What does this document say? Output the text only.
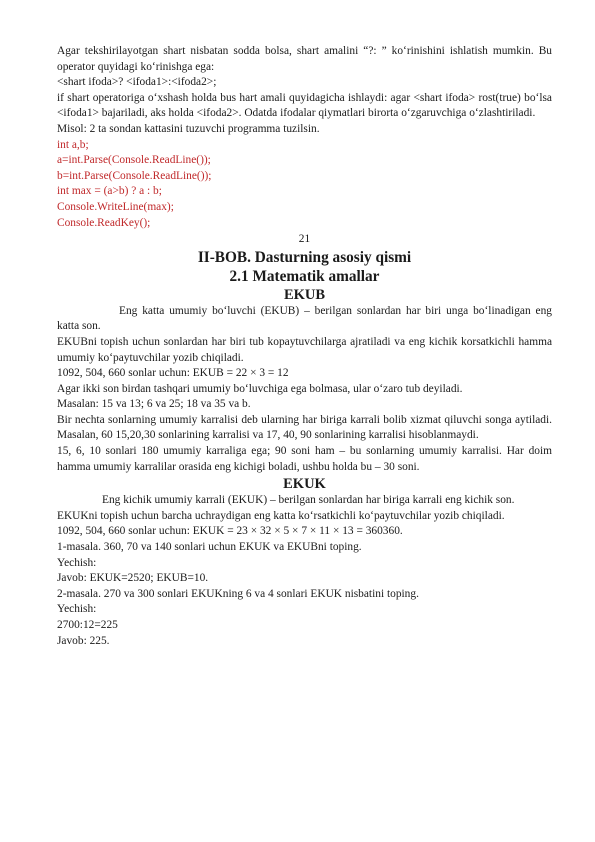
Agar tekshirilayotgan shart nisbatan sodda bolsa, shart amalini “?: ” ko‘rinishini ishlatish mumkin. Bu operator quyidagi ko‘rinishga ega:

<shart ifoda>? <ifoda1>:<ifoda2>;

if shart operatoriga o‘xshash holda bus hart amali quyidagicha ishlaydi: agar <shart ifoda> rost(true) bo‘lsa <ifoda1> bajariladi, aks holda <ifoda2>. Odatda ifodalar qiymatlari birorta o‘zgaruvchiga o‘zlashtiriladi.

Misol: 2 ta sondan kattasini tuzuvchi programma tuzilsin.

int a,b;

a=int.Parse(Console.ReadLine());

b=int.Parse(Console.ReadLine());

int max = (a>b) ? a : b;

Console.WriteLine(max);

Console.ReadKey();

21

II-BOB. Dasturning asosiy qismi

2.1 Matematik amallar

EKUB

Eng katta umumiy bo‘luvchi (EKUB) – berilgan sonlardan har biri unga bo‘linadigan eng katta son.

EKUBni topish uchun sonlardan har biri tub kopaytuvchilarga ajratiladi va eng kichik korsatkichli hamma umumiy ko‘paytuvchilar yozib chiqiladi.

1092, 504, 660 sonlar uchun: EKUB = 22 × 3 = 12

Agar ikki son birdan tashqari umumiy bo‘luvchiga ega bolmasa, ular o‘zaro tub deyiladi.

Masalan: 15 va 13; 6 va 25; 18 va 35 va b.

Bir nechta sonlarning umumiy karralisi deb ularning har biriga karrali bolib xizmat qiluvchi songa aytiladi. Masalan, 60 15,20,30 sonlarining karralisi va 17, 40, 90 sonlarining karralisi hisoblanmaydi.

15, 6, 10 sonlari 180 umumiy karraliga ega; 90 soni ham – bu sonlarning umumiy karralisi. Har doim hamma umumiy karralilar orasida eng kichigi boladi, ushbu holda bu – 30 soni.

EKUK

Eng kichik umumiy karrali (EKUK) – berilgan sonlardan har biriga karrali eng kichik son.

EKUKni topish uchun barcha uchraydigan eng katta ko‘rsatkichli ko‘paytuvchilar yozib chiqiladi.

1092, 504, 660 sonlar uchun: EKUK = 23 × 32 × 5 × 7 × 11 × 13 = 360360.

1-masala. 360, 70 va 140 sonlari uchun EKUK va EKUBni toping.

Yechish:

Javob: EKUK=2520; EKUB=10.

2-masala. 270 va 300 sonlari EKUKning 6 va 4 sonlari EKUK nisbatini toping.

Yechish:

2700:12=225

Javob: 225.
